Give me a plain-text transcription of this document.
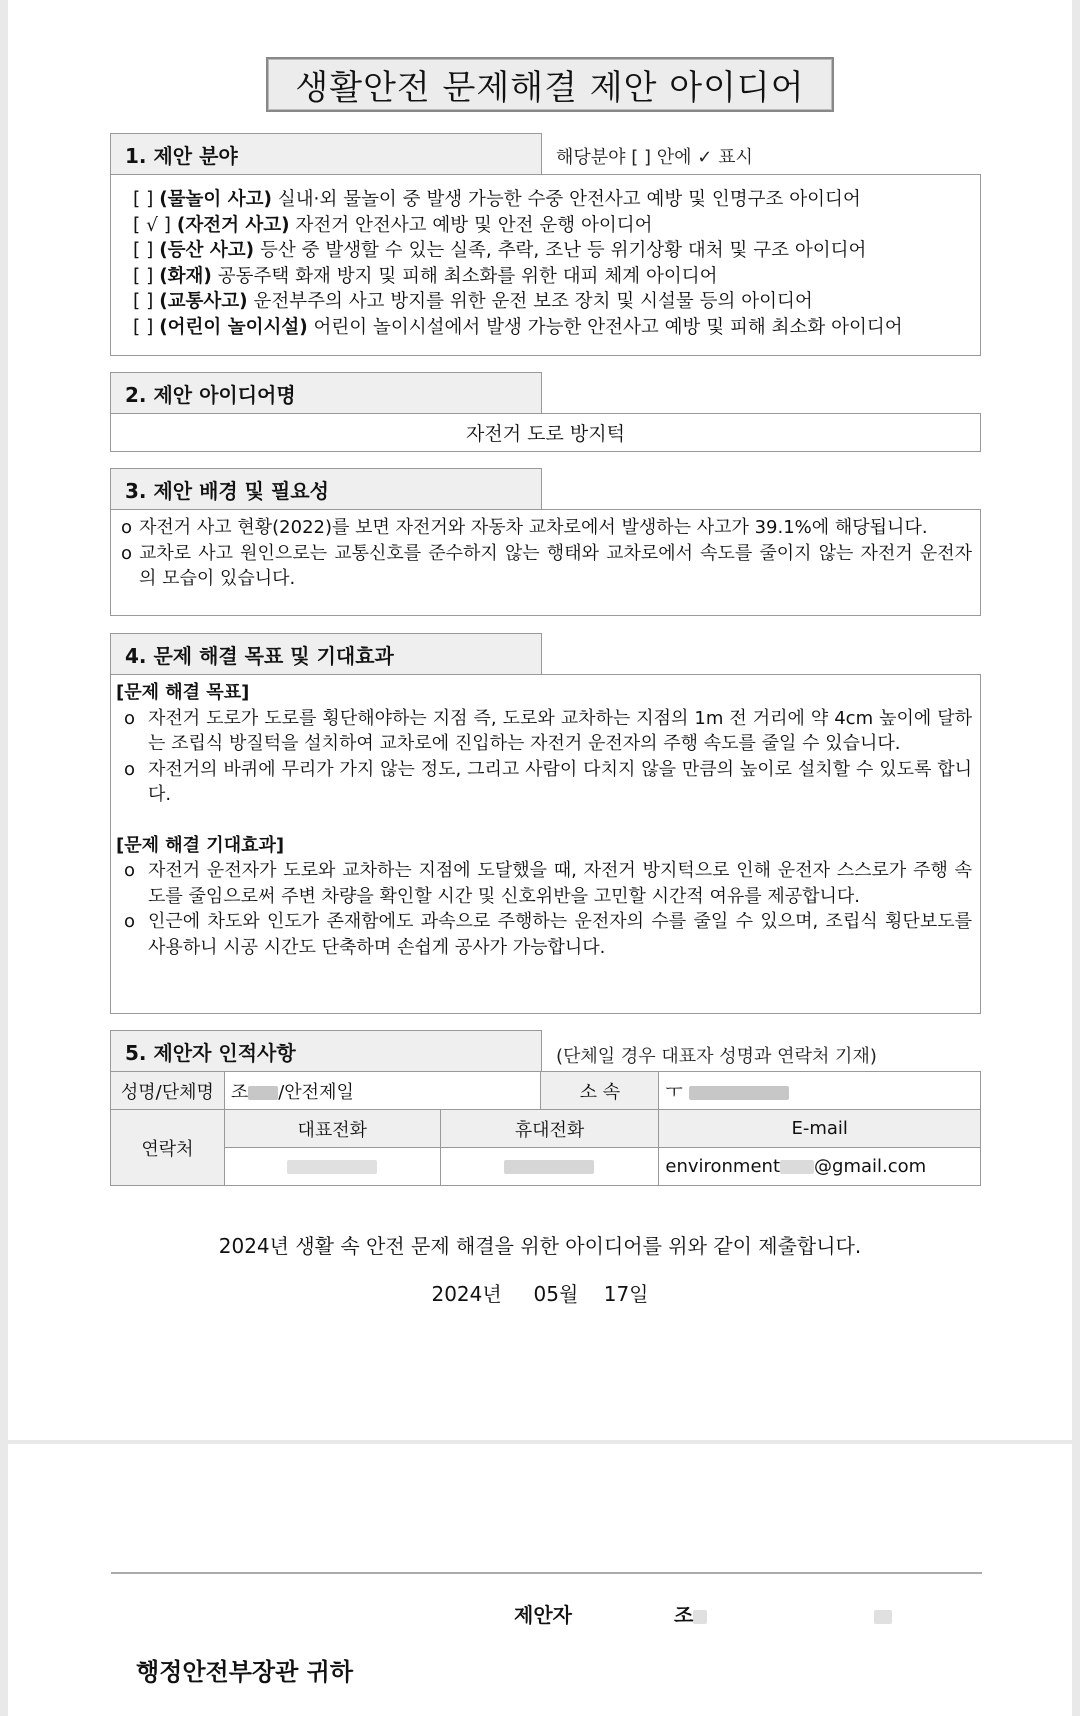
생활안전 문제해결 제안 아이디어
1. 제안 분야	해당분야 [ ] 안에 ✓ 표시
[ ] (물놀이 사고) 실내·외 물놀이 중 발생 가능한 수중 안전사고 예방 및 인명구조 아이디어
[ √ ] (자전거 사고) 자전거 안전사고 예방 및 안전 운행 아이디어
[ ] (등산 사고) 등산 중 발생할 수 있는 실족, 추락, 조난 등 위기상황 대처 및 구조 아이디어
[ ] (화재) 공동주택 화재 방지 및 피해 최소화를 위한 대피 체계 아이디어
[ ] (교통사고) 운전부주의 사고 방지를 위한 운전 보조 장치 및 시설물 등의 아이디어
[ ] (어린이 놀이시설) 어린이 놀이시설에서 발생 가능한 안전사고 예방 및 피해 최소화 아이디어
2. 제안 아이디어명
자전거 도로 방지턱
3. 제안 배경 및 필요성
o 자전거 사고 현황(2022)를 보면 자전거와 자동차 교차로에서 발생하는 사고가 39.1%에 해당됩니다.
o 교차로 사고 원인으로는 교통신호를 준수하지 않는 행태와 교차로에서 속도를 줄이지 않는 자전거 운전자의 모습이 있습니다.
4. 문제 해결 목표 및 기대효과
[문제 해결 목표]
o 자전거 도로가 도로를 횡단해야하는 지점 즉, 도로와 교차하는 지점의 1m 전 거리에 약 4cm 높이에 달하는 조립식 방질턱을 설치하여 교차로에 진입하는 자전거 운전자의 주행 속도를 줄일 수 있습니다.
o 자전거의 바퀴에 무리가 가지 않는 정도, 그리고 사람이 다치지 않을 만큼의 높이로 설치할 수 있도록 합니다.
[문제 해결 기대효과]
o 자전거 운전자가 도로와 교차하는 지점에 도달했을 때, 자전거 방지턱으로 인해 운전자 스스로가 주행 속도를 줄임으로써 주변 차량을 확인할 시간 및 신호위반을 고민할 시간적 여유를 제공합니다.
o 인근에 차도와 인도가 존재함에도 과속으로 주행하는 운전자의 수를 줄일 수 있으며, 조립식 횡단보도를 사용하니 시공 시간도 단축하며 손쉽게 공사가 가능합니다.
5. 제안자 인적사항	(단체일 경우 대표자 성명과 연락처 기재)
성명/단체명	조 /안전제일		소 속	ㅜ
연락처	대표전화	휴대전화		E-mail
				environment @gmail.com
2024년 생활 속 안전 문제 해결을 위한 아이디어를 위와 같이 제출합니다.
2024년 05월 17일
제안자	조
행정안전부장관 귀하
